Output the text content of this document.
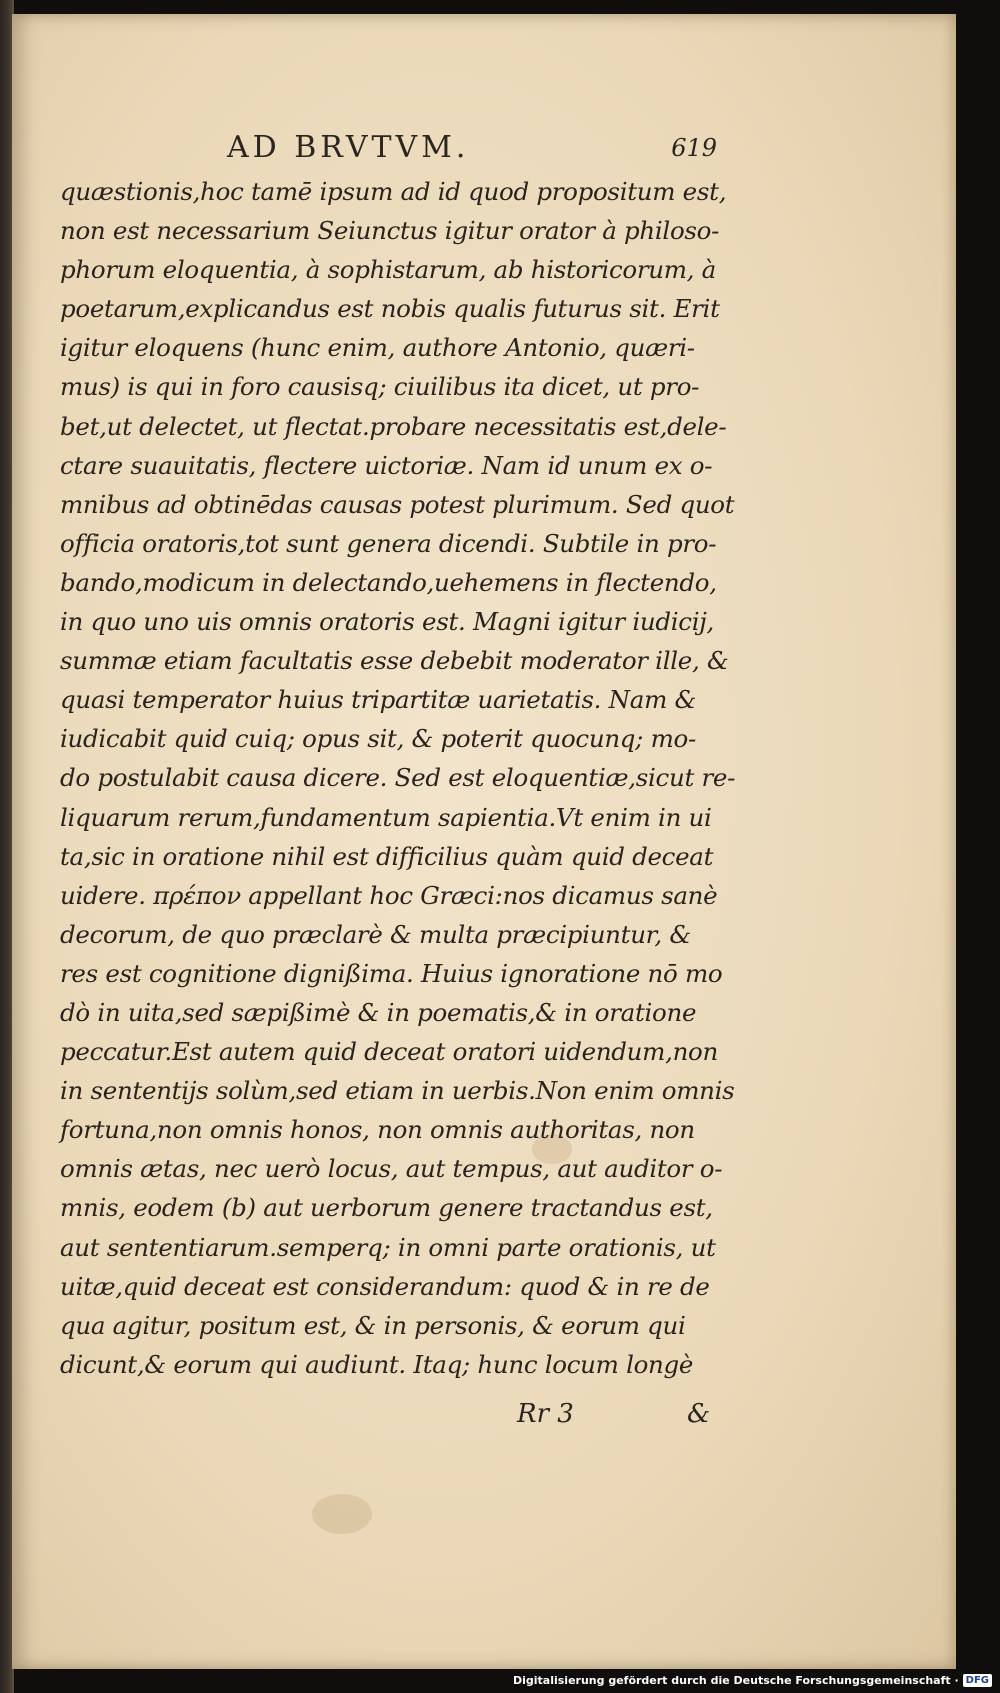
AD BRVTVM.	619
quæstionis,hoc tamē ipsum ad id quod propositum est,
non est necessarium Seiunctus igitur orator à philoso-
phorum eloquentia, à sophistarum, ab historicorum, à
poetarum,explicandus est nobis qualis futurus sit. Erit
igitur eloquens (hunc enim, authore Antonio, quæri-
mus) is qui in foro causisq; ciuilibus ita dicet, ut pro-
bet,ut delectet, ut flectat.probare necessitatis est,dele-
ctare suauitatis, flectere uictoriæ. Nam id unum ex o-
mnibus ad obtinēdas causas potest plurimum. Sed quot
officia oratoris,tot sunt genera dicendi. Subtile in pro-
bando,modicum in delectando,uehemens in flectendo,
in quo uno uis omnis oratoris est. Magni igitur iudicij,
summæ etiam facultatis esse debebit moderator ille, &
quasi temperator huius tripartitæ uarietatis. Nam &
iudicabit quid cuiq; opus sit, & poterit quocunq; mo-
do postulabit causa dicere. Sed est eloquentiæ,sicut re-
liquarum rerum,fundamentum sapientia.Vt enim in ui
ta,sic in oratione nihil est difficilius quàm quid deceat
uidere. πρέπον appellant hoc Græci:nos dicamus sanè
decorum, de quo præclarè & multa præcipiuntur, &
res est cognitione dignißima. Huius ignoratione nō mo
dò in uita,sed sæpißimè & in poematis,& in oratione
peccatur.Est autem quid deceat oratori uidendum,non
in sententijs solùm,sed etiam in uerbis.Non enim omnis
fortuna,non omnis honos, non omnis authoritas, non
omnis ætas, nec uerò locus, aut tempus, aut auditor o-
mnis, eodem (b) aut uerborum genere tractandus est,
aut sententiarum.semperq; in omni parte orationis, ut
uitæ,quid deceat est considerandum: quod & in re de
qua agitur, positum est, & in personis, & eorum qui
dicunt,& eorum qui audiunt. Itaq; hunc locum longè
Rr 3	&
Digitalisierung gefördert durch die Deutsche Forschungsgemeinschaft · DFG
